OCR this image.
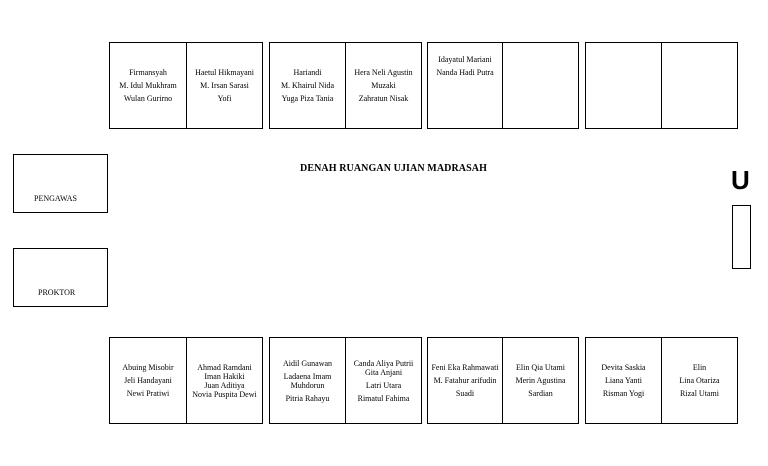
Firmansyah
M. Idul Mukhram
Wulan Gurirno
Haetul Hikmayani
M. Irsan Sarasi
Yofi
Hariandi
M. Khairul Nida
Yuga Piza Tania
Hera Neli Agustin
Muzaki
Zahratun Nisak
Idayatul Mariani
Nanda Hadi Putra
PENGAWAS
PROKTOR
DENAH RUANGAN UJIAN MADRASAH	U
Abuing Misobir
Jeli Handayani
Newi Pratiwi
Ahmad Ramdani
Iman Hakiki
Juan Aditiya
Novia Puspita Dewi
Aidil Gunawan
Ladaena Imam Muhdorun
Pitria Rahayu
Canda Aliya Putrii Gita Anjani
Latri Utara
Rimatul Fahima
Feni Eka Rahmawati
M. Fatahur arifudin
Suadi
Elin Qia Utami
Merin Agustina
Sardian
Devita Saskia
Liana Yanti
Risman Yogi
Elin
Lina Otariza
Rizal Utami
